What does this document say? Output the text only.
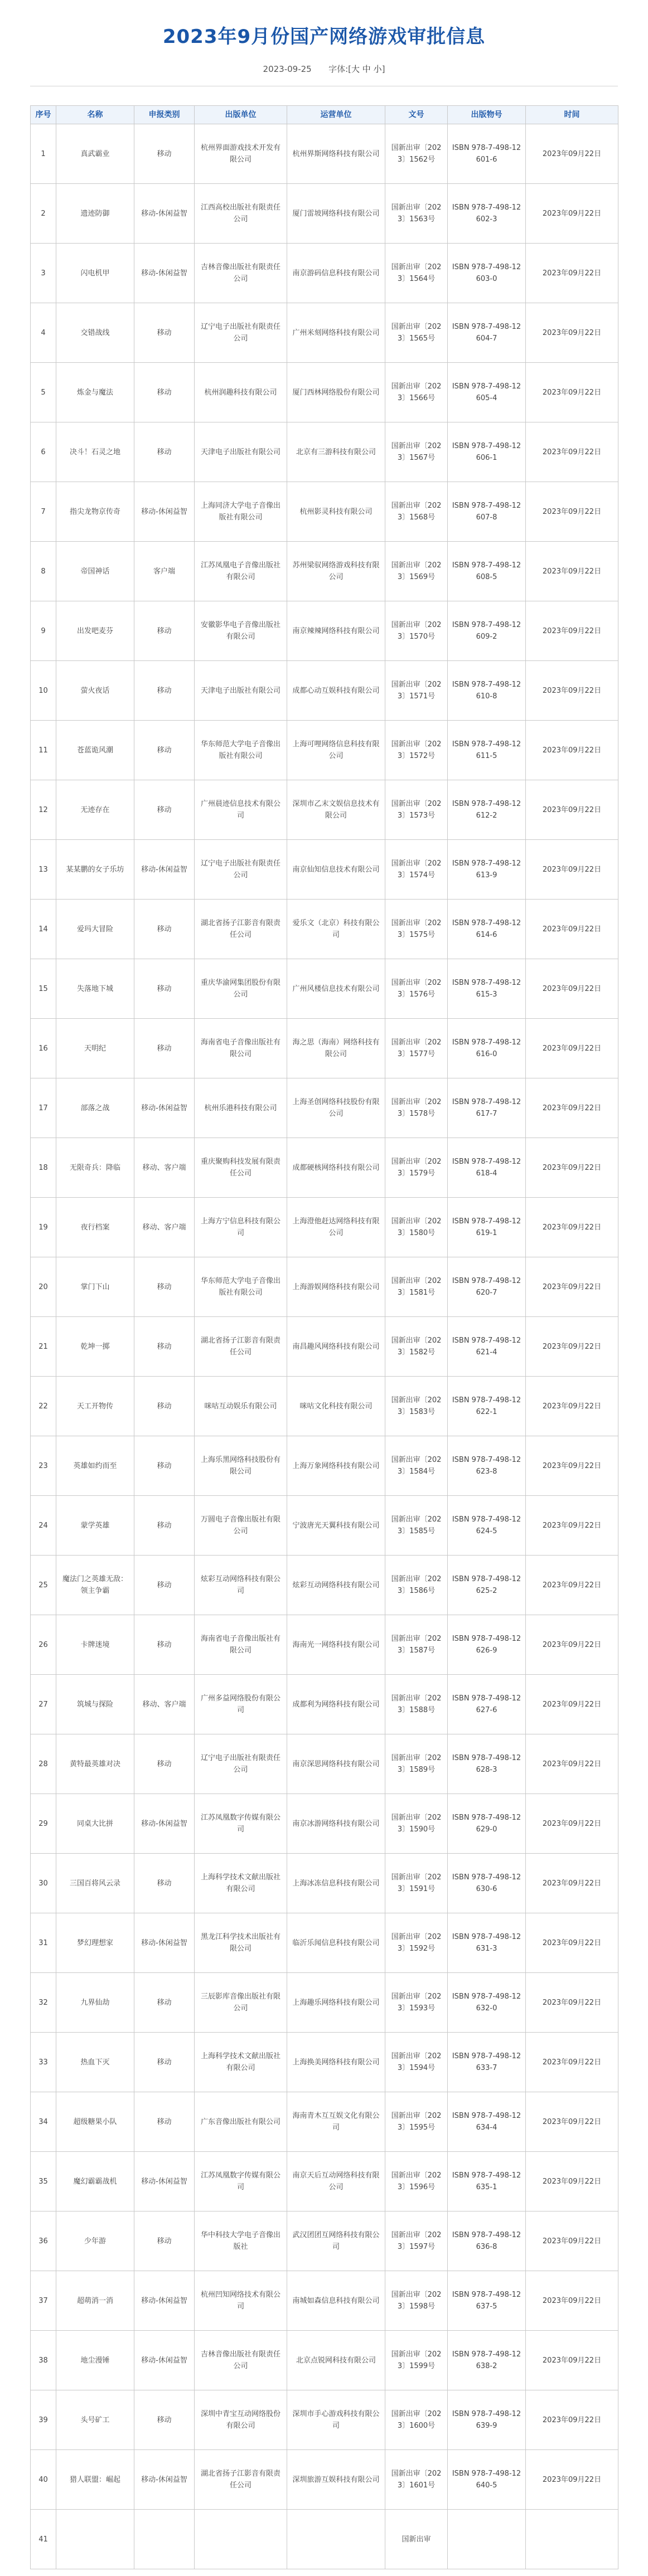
2023年9月份国产网络游戏审批信息
2023-09-25 字体:[大 中 小]
序号	名称	申报类别	出版单位	运营单位	文号	出版物号	时间
1	真武霸业	移动	杭州界面游戏技术开发有限公司	杭州界斯网络科技有限公司	国新出审〔2023〕1562号	ISBN 978-7-498-12601-6	2023年09月22日
2	遗迹防御	移动-休闲益智	江西高校出版社有限责任公司	厦门雷坡网络科技有限公司	国新出审〔2023〕1563号	ISBN 978-7-498-12602-3	2023年09月22日
3	闪电机甲	移动-休闲益智	吉林音像出版社有限责任公司	南京游码信息科技有限公司	国新出审〔2023〕1564号	ISBN 978-7-498-12603-0	2023年09月22日
4	交错战线	移动	辽宁电子出版社有限责任公司	广州米刻网络科技有限公司	国新出审〔2023〕1565号	ISBN 978-7-498-12604-7	2023年09月22日
5	炼金与魔法	移动	杭州润趣科技有限公司	厦门西林网络股份有限公司	国新出审〔2023〕1566号	ISBN 978-7-498-12605-4	2023年09月22日
6	决斗！石灵之地	移动	天津电子出版社有限公司	北京有三游科技有限公司	国新出审〔2023〕1567号	ISBN 978-7-498-12606-1	2023年09月22日
7	指尖龙物京传奇	移动-休闲益智	上海同济大学电子音像出版社有限公司	杭州影灵科技有限公司	国新出审〔2023〕1568号	ISBN 978-7-498-12607-8	2023年09月22日
8	帝国神话	客户端	江苏凤凰电子音像出版社有限公司	苏州梁驭网络游戏科技有限公司	国新出审〔2023〕1569号	ISBN 978-7-498-12608-5	2023年09月22日
9	出发吧麦芬	移动	安徽影华电子音像出版社有限公司	南京辣辣网络科技有限公司	国新出审〔2023〕1570号	ISBN 978-7-498-12609-2	2023年09月22日
10	萤火夜话	移动	天津电子出版社有限公司	成都心动互娱科技有限公司	国新出审〔2023〕1571号	ISBN 978-7-498-12610-8	2023年09月22日
11	苍蓝诡风潮	移动	华东师范大学电子音像出版社有限公司	上海可哩网络信息科技有限公司	国新出审〔2023〕1572号	ISBN 978-7-498-12611-5	2023年09月22日
12	无迹存在	移动	广州晨迹信息技术有限公司	深圳市乙末文娱信息技术有限公司	国新出审〔2023〕1573号	ISBN 978-7-498-12612-2	2023年09月22日
13	某某鹏的女子乐坊	移动-休闲益智	辽宁电子出版社有限责任公司	南京仙知信息技术有限公司	国新出审〔2023〕1574号	ISBN 978-7-498-12613-9	2023年09月22日
14	爱玛大冒险	移动	湖北省扬子江影音有限责任公司	爱乐文（北京）科技有限公司	国新出审〔2023〕1575号	ISBN 978-7-498-12614-6	2023年09月22日
15	失落地下城	移动	重庆华渝网集团股份有限公司	广州风楼信息技术有限公司	国新出审〔2023〕1576号	ISBN 978-7-498-12615-3	2023年09月22日
16	天明纪	移动	海南省电子音像出版社有限公司	海之思（海南）网络科技有限公司	国新出审〔2023〕1577号	ISBN 978-7-498-12616-0	2023年09月22日
17	部落之战	移动-休闲益智	杭州乐港科技有限公司	上海圣创网络科技股份有限公司	国新出审〔2023〕1578号	ISBN 978-7-498-12617-7	2023年09月22日
18	无限奇兵：降临	移动、客户端	重庆聚购科技发展有限责任公司	成都硬核网络科技有限公司	国新出审〔2023〕1579号	ISBN 978-7-498-12618-4	2023年09月22日
19	夜行档案	移动、客户端	上海方宁信息科技有限公司	上海澄他赶达网络科技有限公司	国新出审〔2023〕1580号	ISBN 978-7-498-12619-1	2023年09月22日
20	掌门下山	移动	华东师范大学电子音像出版社有限公司	上海游娱网络科技有限公司	国新出审〔2023〕1581号	ISBN 978-7-498-12620-7	2023年09月22日
21	乾坤一掷	移动	湖北省扬子江影音有限责任公司	南昌趣风网络科技有限公司	国新出审〔2023〕1582号	ISBN 978-7-498-12621-4	2023年09月22日
22	天工开物传	移动	咪咕互动娱乐有限公司	咪咕文化科技有限公司	国新出审〔2023〕1583号	ISBN 978-7-498-12622-1	2023年09月22日
23	英雄如约而至	移动	上海乐黑网络科技股份有限公司	上海万象网络科技有限公司	国新出审〔2023〕1584号	ISBN 978-7-498-12623-8	2023年09月22日
24	蒙学英雄	移动	万圆电子音像出版社有限公司	宁波唐光天翼科技有限公司	国新出审〔2023〕1585号	ISBN 978-7-498-12624-5	2023年09月22日
25	魔法门之英雄无敌：领主争霸	移动	炫彩互动网络科技有限公司	炫彩互动网络科技有限公司	国新出审〔2023〕1586号	ISBN 978-7-498-12625-2	2023年09月22日
26	卡牌迷境	移动	海南省电子音像出版社有限公司	海南光一网络科技有限公司	国新出审〔2023〕1587号	ISBN 978-7-498-12626-9	2023年09月22日
27	筑城与探险	移动、客户端	广州多益网络股份有限公司	成都利为网络科技有限公司	国新出审〔2023〕1588号	ISBN 978-7-498-12627-6	2023年09月22日
28	黄特最英雄对决	移动	辽宁电子出版社有限责任公司	南京深思网络科技有限公司	国新出审〔2023〕1589号	ISBN 978-7-498-12628-3	2023年09月22日
29	同桌大比拼	移动-休闲益智	江苏凤凰数字传媒有限公司	南京冰游网络科技有限公司	国新出审〔2023〕1590号	ISBN 978-7-498-12629-0	2023年09月22日
30	三国百将风云录	移动	上海科学技术文献出版社有限公司	上海冰冻信息科技有限公司	国新出审〔2023〕1591号	ISBN 978-7-498-12630-6	2023年09月22日
31	梦幻理想家	移动-休闲益智	黑龙江科学技术出版社有限公司	临沂乐闻信息科技有限公司	国新出审〔2023〕1592号	ISBN 978-7-498-12631-3	2023年09月22日
32	九界仙劫	移动	三辰影库音像出版社有限公司	上海趣乐网络科技有限公司	国新出审〔2023〕1593号	ISBN 978-7-498-12632-0	2023年09月22日
33	热血下灭	移动	上海科学技术文献出版社有限公司	上海换美网络科技有限公司	国新出审〔2023〕1594号	ISBN 978-7-498-12633-7	2023年09月22日
34	超级糖果小队	移动	广东音像出版社有限公司	海南青木互互娱文化有限公司	国新出审〔2023〕1595号	ISBN 978-7-498-12634-4	2023年09月22日
35	魔幻霸霸战机	移动-休闲益智	江苏凤凰数字传媒有限公司	南京天后互动网络科技有限公司	国新出审〔2023〕1596号	ISBN 978-7-498-12635-1	2023年09月22日
36	少年游	移动	华中科技大学电子音像出版社	武汉团团互网络科技有限公司	国新出审〔2023〕1597号	ISBN 978-7-498-12636-8	2023年09月22日
37	超萌消一消	移动-休闲益智	杭州凹知网络技术有限公司	南城如森信息科技有限公司	国新出审〔2023〕1598号	ISBN 978-7-498-12637-5	2023年09月22日
38	地尘漫锤	移动-休闲益智	吉林音像出版社有限责任公司	北京点锐网科技有限公司	国新出审〔2023〕1599号	ISBN 978-7-498-12638-2	2023年09月22日
39	头号矿工	移动	深圳中青宝互动网络股份有限公司	深圳市手心游戏科技有限公司	国新出审〔2023〕1600号	ISBN 978-7-498-12639-9	2023年09月22日
40	猎人联盟：崛起	移动-休闲益智	湖北省扬子江影音有限责任公司	深圳旅游互娱科技有限公司	国新出审〔2023〕1601号	ISBN 978-7-498-12640-5	2023年09月22日
41					国新出审		
